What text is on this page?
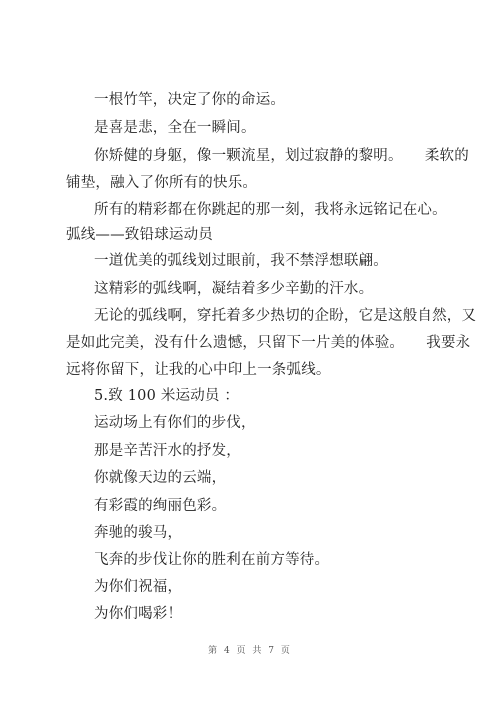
一根竹竿，决定了你的命运。
是喜是悲，全在一瞬间。
你矫健的身躯，像一颗流星，划过寂静的黎明。　　柔软的
铺垫，融入了你所有的快乐。
所有的精彩都在你跳起的那一刻，我将永远铭记在心。
弧线——致铅球运动员
一道优美的弧线划过眼前，我不禁浮想联翩。
这精彩的弧线啊，凝结着多少辛勤的汗水。
无论的弧线啊，穿托着多少热切的企盼，它是这般自然，又
是如此完美，没有什么遗憾，只留下一片美的体验。　　我要永
远将你留下，让我的心中印上一条弧线。
5.致 100 米运动员 ：
运动场上有你们的步伐，
那是辛苦汗水的抒发，
你就像天边的云端，
有彩霞的绚丽色彩。
奔驰的骏马，
飞奔的步伐让你的胜利在前方等待。
为你们祝福，
为你们喝彩！
第 4 页 共 7 页
